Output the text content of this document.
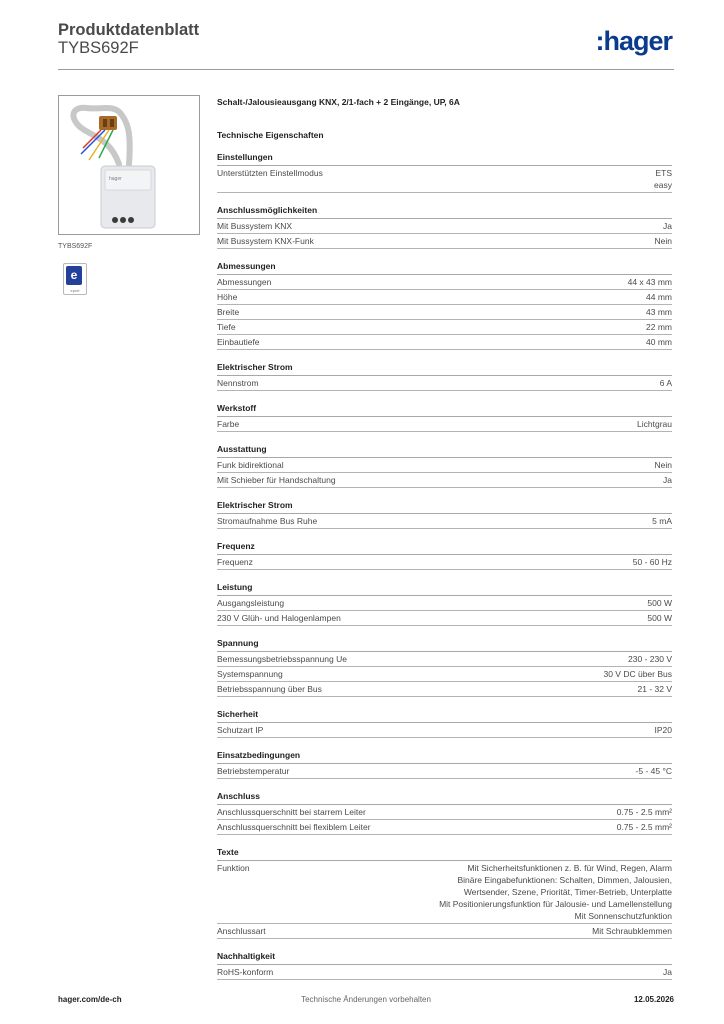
Produktdatenblatt
TYBS692F	:hager
hager
TYBS692F
e
eprel
Schalt-/Jalousieausgang KNX, 2/1-fach + 2 Eingänge, UP, 6A
Technische Eigenschaften
Einstellungen
Unterstützten Einstellmodus	ETS
easy
Anschlussmöglichkeiten
Mit Bussystem KNX	Ja
Mit Bussystem KNX-Funk	Nein
Abmessungen
Abmessungen	44 x 43 mm
Höhe	44 mm
Breite	43 mm
Tiefe	22 mm
Einbautiefe	40 mm
Elektrischer Strom
Nennstrom	6 A
Werkstoff
Farbe	Lichtgrau
Ausstattung
Funk bidirektional	Nein
Mit Schieber für Handschaltung	Ja
Elektrischer Strom
Stromaufnahme Bus Ruhe	5 mA
Frequenz
Frequenz	50 - 60 Hz
Leistung
Ausgangsleistung	500 W
230 V Glüh- und Halogenlampen	500 W
Spannung
Bemessungsbetriebsspannung Ue	230 - 230 V
Systemspannung	30 V DC über Bus
Betriebsspannung über Bus	21 - 32 V
Sicherheit
Schutzart IP	IP20
Einsatzbedingungen
Betriebstemperatur	-5 - 45 °C
Anschluss
Anschlussquerschnitt bei starrem Leiter	0.75 - 2.5 mm²
Anschlussquerschnitt bei flexiblem Leiter	0.75 - 2.5 mm²
Texte
Funktion	Mit Sicherheitsfunktionen z. B. für Wind, Regen, Alarm
Binäre Eingabefunktionen: Schalten, Dimmen, Jalousien,
Wertsender, Szene, Priorität, Timer-Betrieb, Unterplatte
Mit Positionierungsfunktion für Jalousie- und Lamellenstellung
Mit Sonnenschutzfunktion
Anschlussart	Mit Schraubklemmen
Nachhaltigkeit
RoHS-konform	Ja
hager.com/de-ch	Technische Änderungen vorbehalten	12.05.2026
